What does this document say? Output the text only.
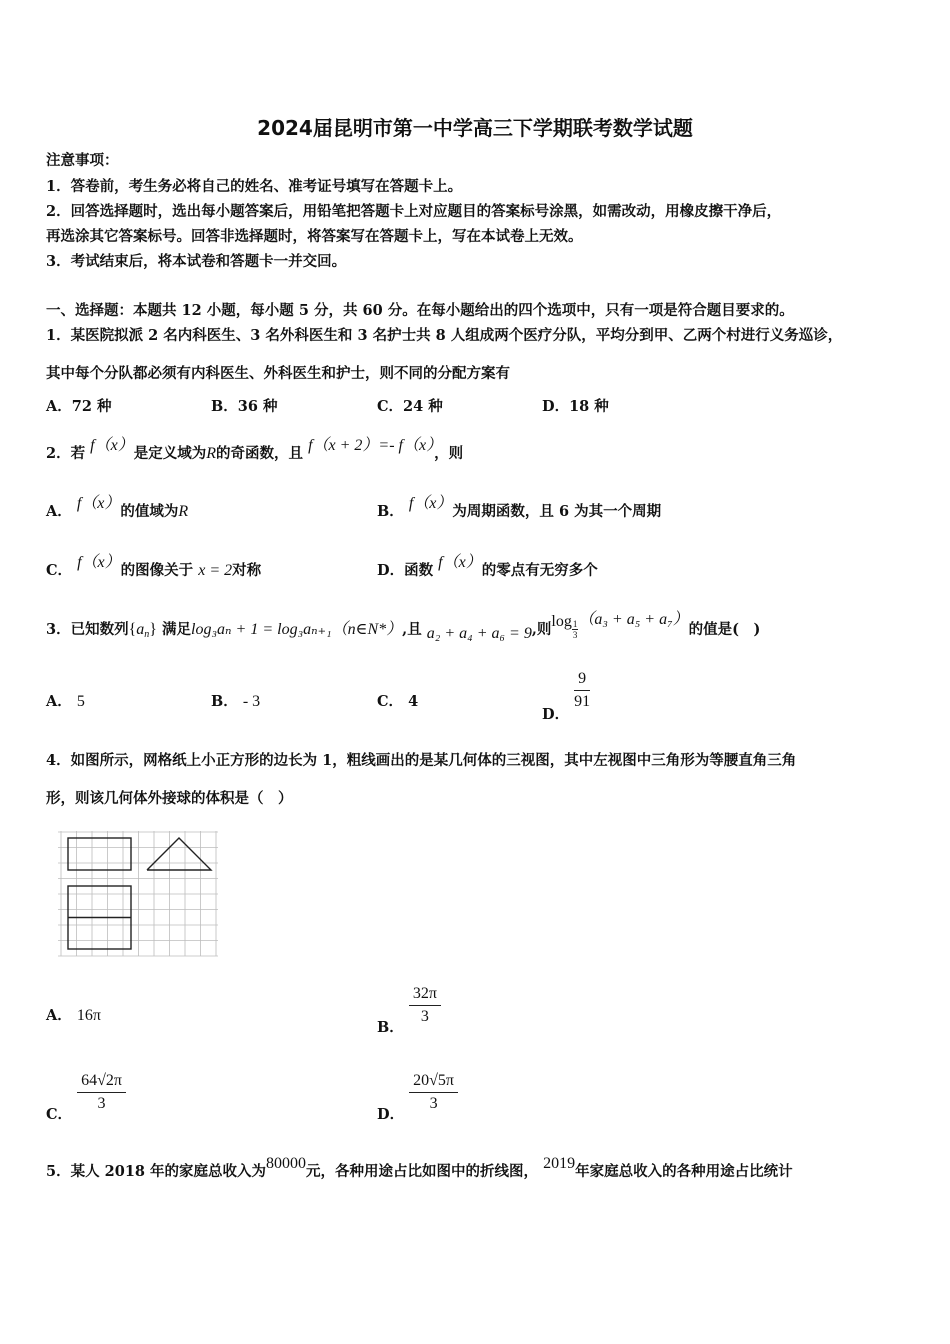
2024届昆明市第一中学高三下学期联考数学试题
注意事项：
1．答卷前，考生务必将自己的姓名、准考证号填写在答题卡上。
2．回答选择题时，选出每小题答案后，用铅笔把答题卡上对应题目的答案标号涂黑，如需改动，用橡皮擦干净后，
再选涂其它答案标号。回答非选择题时，将答案写在答题卡上，写在本试卷上无效。
3．考试结束后，将本试卷和答题卡一并交回。
一、选择题：本题共 12 小题，每小题 5 分，共 60 分。在每小题给出的四个选项中，只有一项是符合题目要求的。
1．某医院拟派 2 名内科医生、3 名外科医生和 3 名护士共 8 人组成两个医疗分队，平均分到甲、乙两个村进行义务巡诊，
其中每个分队都必须有内科医生、外科医生和护士，则不同的分配方案有
A．72 种	B．36 种	C．24 种	D．18 种
2．若 f（x）是定义域为R的奇函数，且 f（x + 2）=- f（x），则
A． f（x）的值域为R	B． f（x）为周期函数，且 6 为其一个周期
C． f（x）的图像关于 x = 2对称	D．函数 f（x）的零点有无穷多个
3．已知数列$\{a_n\}$ 满足log₃aₙ + 1 = log₃aₙ₊₁（n∈N*）,且 a₂ + a₄ + a₆ = 9,则$\log \frac{1}{3} (a_3 + a_5 + a_7)$的值是(　)
A． 5	B． - 3	C． 4
D．
$\frac{9}{91}$
4．如图所示，网格纸上小正方形的边长为 1，粗线画出的是某几何体的三视图，其中左视图中三角形为等腰直角三角
形，则该几何体外接球的体积是（　）
A． 16π
B． $\frac{32\pi}{3}$
C． $\frac{64√2\pi}{3}$	D． $\frac{20√5\pi}{3}$
5．某人 2018 年的家庭总收入为80000元，各种用途占比如图中的折线图， 2019年家庭总收入的各种用途占比统计
